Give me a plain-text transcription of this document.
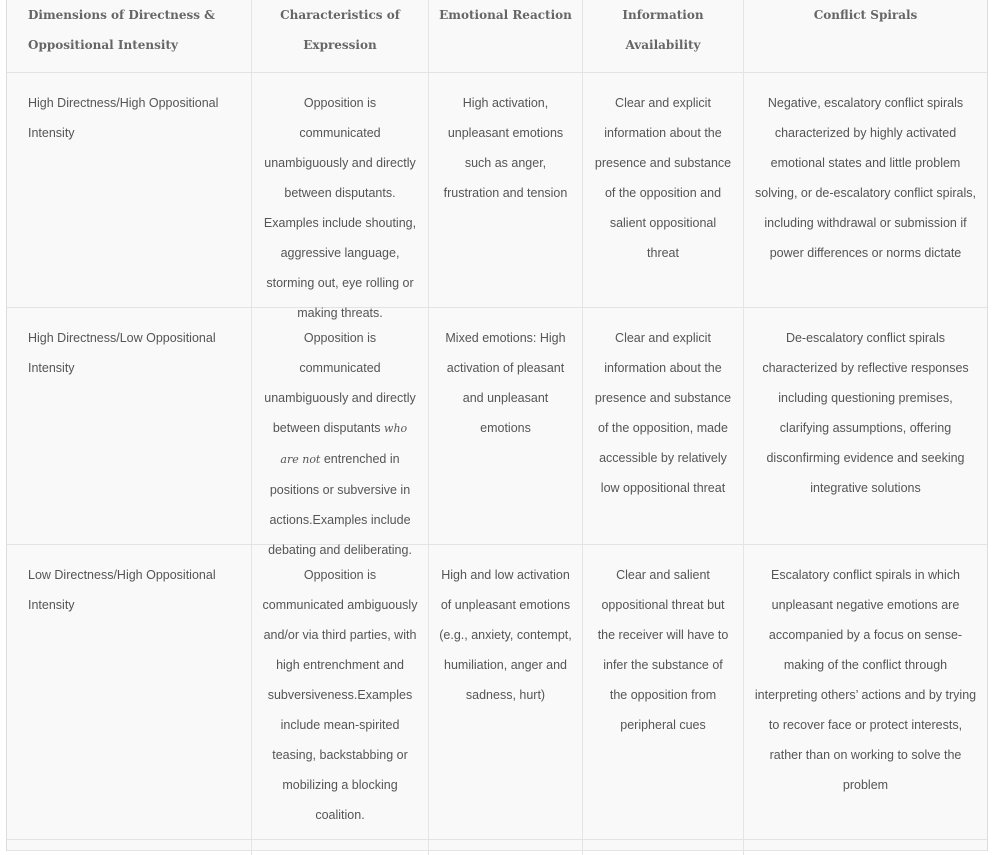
Dimensions of Directness & Oppositional Intensity
Characteristics of Expression
Emotional Reaction	Information Availability
Conflict Spirals
High Directness/High Oppositional Intensity
Opposition is communicated unambiguously and directly between disputants. Examples include shouting, aggressive language, storming out, eye rolling or making threats.
High activation, unpleasant emotions such as anger, frustration and tension
Clear and explicit information about the presence and substance of the opposition and salient oppositional threat
Negative, escalatory conflict spirals characterized by highly activated emotional states and little problem solving, or de-escalatory conflict spirals, including withdrawal or submission if power differences or norms dictate
High Directness/Low Oppositional Intensity
Opposition is communicated unambiguously and directly between disputants who are not entrenched in positions or subversive in actions.Examples include debating and deliberating.
Mixed emotions: High activation of pleasant and unpleasant emotions
Clear and explicit information about the presence and substance of the opposition, made accessible by relatively low oppositional threat
De-escalatory conflict spirals characterized by reflective responses including questioning premises, clarifying assumptions, offering disconfirming evidence and seeking integrative solutions
Low Directness/High Oppositional Intensity
Opposition is communicated ambiguously and/or via third parties, with high entrenchment and subversiveness.Examples include mean-spirited teasing, backstabbing or mobilizing a blocking coalition.
High and low activation of unpleasant emotions (e.g., anxiety, contempt, humiliation, anger and sadness, hurt)
Clear and salient oppositional threat but the receiver will have to infer the substance of the opposition from peripheral cues
Escalatory conflict spirals in which unpleasant negative emotions are accompanied by a focus on sense-making of the conflict through interpreting others’ actions and by trying to recover face or protect interests, rather than on working to solve the problem
